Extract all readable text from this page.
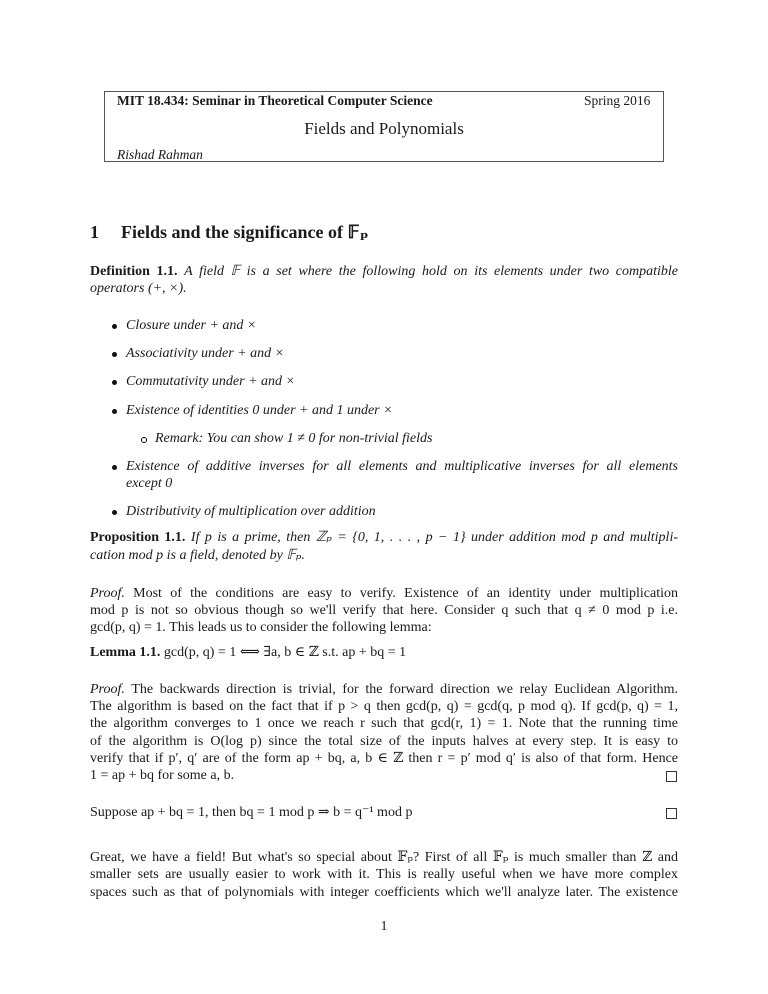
MIT 18.434: Seminar in Theoretical Computer Science	Spring 2016
Fields and Polynomials
Rishad Rahman
1 Fields and the significance of 𝔽ₚ
Definition 1.1. A field 𝔽 is a set where the following hold on its elements under two compatible
operators (+, ×).
Closure under + and ×
Associativity under + and ×
Commutativity under + and ×
Existence of identities 0 under + and 1 under ×
Remark: You can show 1 ≠ 0 for non-trivial fields
Existence of additive inverses for all elements and multiplicative inverses for all elements
except 0
Distributivity of multiplication over addition
Proposition 1.1. If p is a prime, then ℤₚ = {0, 1, . . . , p − 1} under addition mod p and multipli-
cation mod p is a field, denoted by 𝔽ₚ.
Proof. Most of the conditions are easy to verify. Existence of an identity under multiplication
mod p is not so obvious though so we'll verify that here. Consider q such that q ≠ 0 mod p i.e.
gcd(p, q) = 1. This leads us to consider the following lemma:
Lemma 1.1. gcd(p, q) = 1 ⟺ ∃a, b ∈ ℤ s.t. ap + bq = 1
Proof. The backwards direction is trivial, for the forward direction we relay Euclidean Algorithm.
The algorithm is based on the fact that if p > q then gcd(p, q) = gcd(q, p mod q). If gcd(p, q) = 1,
the algorithm converges to 1 once we reach r such that gcd(r, 1) = 1. Note that the running time
of the algorithm is O(log p) since the total size of the inputs halves at every step. It is easy to
verify that if p′, q′ are of the form ap + bq, a, b ∈ ℤ then r = p′ mod q′ is also of that form. Hence
1 = ap + bq for some a, b.
Suppose ap + bq = 1, then bq = 1 mod p ⇒ b = q⁻¹ mod p
Great, we have a field! But what's so special about 𝔽ₚ? First of all 𝔽ₚ is much smaller than ℤ and
smaller sets are usually easier to work with it. This is really useful when we have more complex
spaces such as that of polynomials with integer coefficients which we'll analyze later. The existence
1
